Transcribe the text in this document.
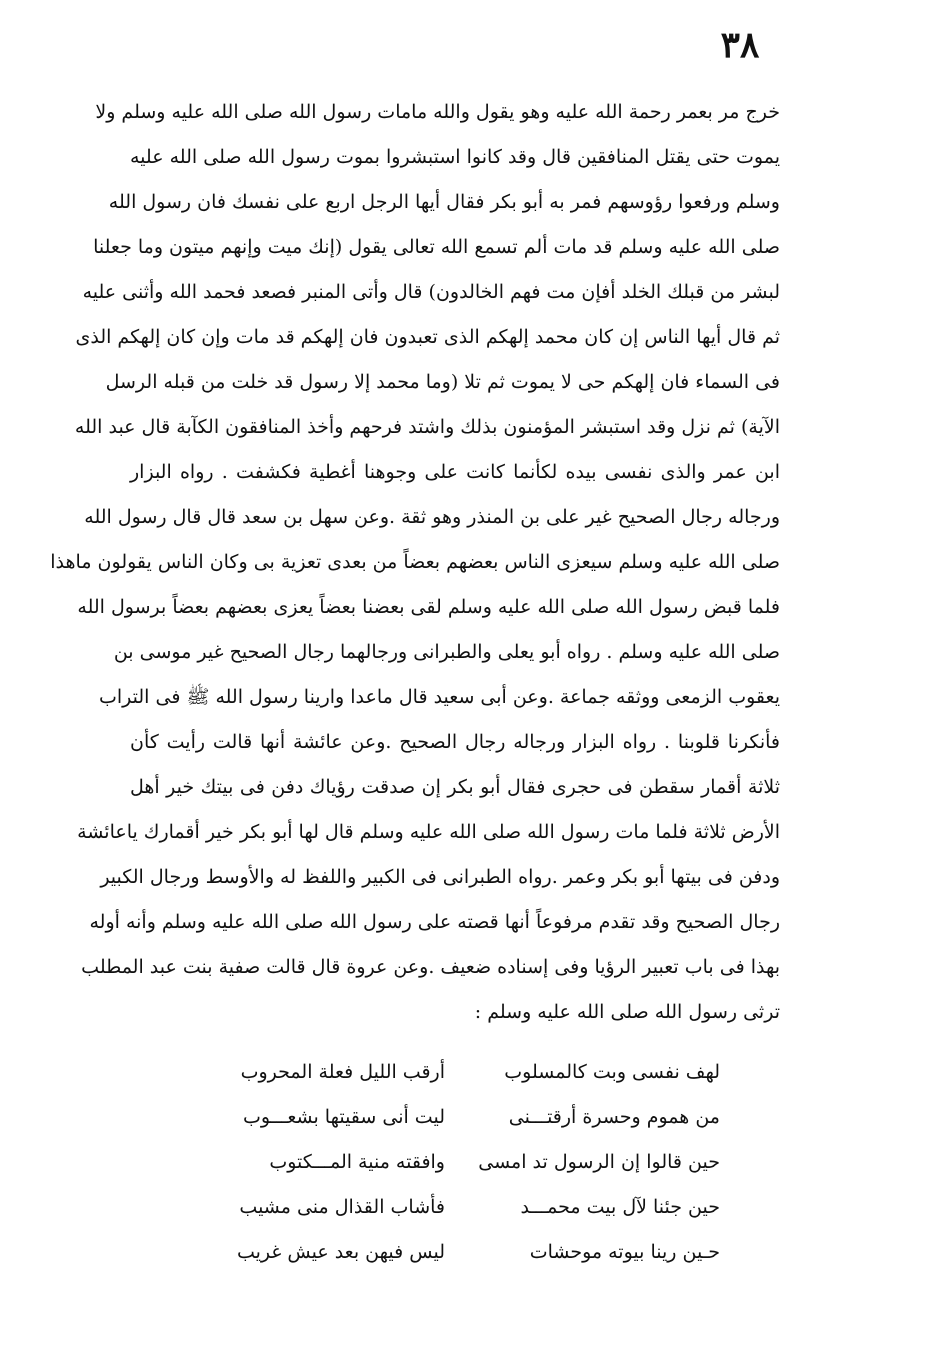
٣٨
خرج مر بعمر رحمة الله عليه وهو يقول والله مامات رسول الله صلى الله عليه وسلم ولا
يموت حتى يقتل المنافقين قال وقد كانوا استبشروا بموت رسول الله صلى الله عليه
وسلم ورفعوا رؤوسهم فمر به أبو بكر فقال أيها الرجل اربع على نفسك فان رسول الله
صلى الله عليه وسلم قد مات ألم تسمع الله تعالى يقول (إنك ميت وإنهم ميتون وما جعلنا
لبشر من قبلك الخلد أفإن مت فهم الخالدون) قال وأتى المنبر فصعد فحمد الله وأثنى عليه
ثم قال أيها الناس إن كان محمد إلهكم الذى تعبدون فان إلهكم قد مات وإن كان إلهكم الذى
فى السماء فان إلهكم حى لا يموت ثم تلا (وما محمد إلا رسول قد خلت من قبله الرسل
الآية) ثم نزل وقد استبشر المؤمنون بذلك واشتد فرحهم وأخذ المنافقون الكآبة قال عبد الله
ابن عمر والذى نفسى بيده لكأنما كانت على وجوهنا أغطية فكشفت . رواه البزار
ورجاله رجال الصحيح غير على بن المنذر وهو ثقة .وعن سهل بن سعد قال قال رسول الله
صلى الله عليه وسلم سيعزى الناس بعضهم بعضاً من بعدى تعزية بى وكان الناس يقولون ماهذا
فلما قبض رسول الله صلى الله عليه وسلم لقى بعضنا بعضاً يعزى بعضهم بعضاً برسول الله
صلى الله عليه وسلم . رواه أبو يعلى والطبرانى ورجالهما رجال الصحيح غير موسى بن
يعقوب الزمعى ووثقه جماعة .وعن أبى سعيد قال ماعدا وارينا رسول الله ﷺ فى التراب
فأنكرنا قلوبنا . رواه البزار ورجاله رجال الصحيح .وعن عائشة أنها قالت رأيت كأن
ثلاثة أقمار سقطن فى حجرى فقال أبو بكر إن صدقت رؤياك دفن فى بيتك خير أهل
الأرض ثلاثة فلما مات رسول الله صلى الله عليه وسلم قال لها أبو بكر خير أقمارك ياعائشة
ودفن فى بيتها أبو بكر وعمر .رواه الطبرانى فى الكبير واللفظ له والأوسط ورجال الكبير
رجال الصحيح وقد تقدم مرفوعاً أنها قصته على رسول الله صلى الله عليه وسلم وأنه أوله
بهذا فى باب تعبير الرؤيا وفى إسناده ضعيف .وعن عروة قال قالت صفية بنت عبد المطلب
ترثى رسول الله صلى الله عليه وسلم :
لهف نفسى وبت كالمسلوب
أرقب الليل فعلة المحروب
من هموم وحسرة أرقتـــنى
ليت أنى سقيتها بشعـــوب
حين قالوا إن الرسول تد امسى
وافقته منية المـــكتوب
حين جئنا لآل بيت محمـــد
فأشاب القذال منى مشيب
حـين رينا بيوته موحشات
ليس فيهن بعد عيش غريب
